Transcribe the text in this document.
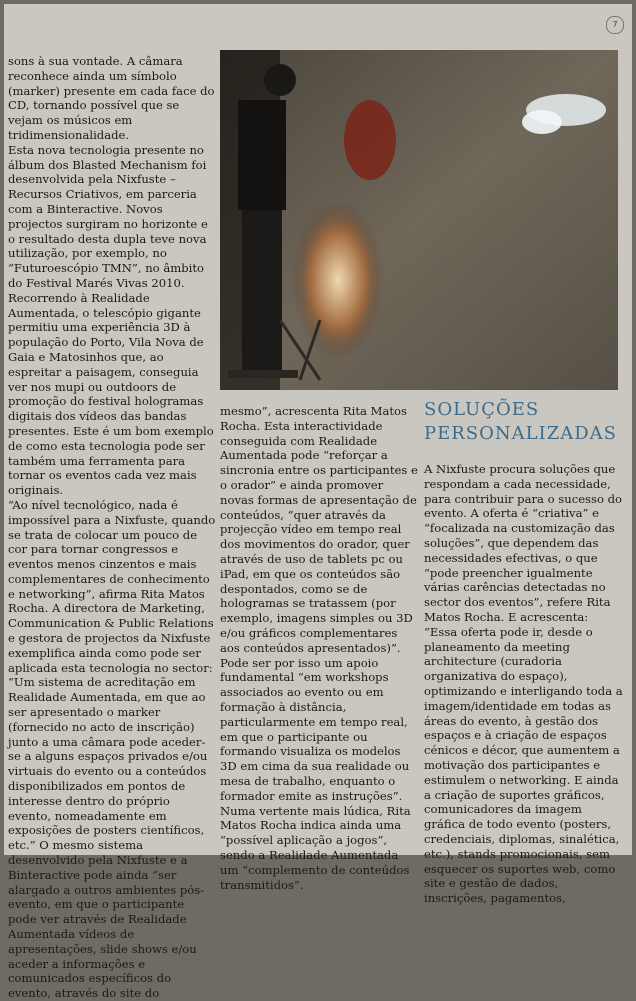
7

sons à sua vontade. A câmara reconhece ainda um símbolo (marker) presente em cada face do CD, tornando possível que se vejam os músicos em tridimensionalidade.

Esta nova tecnologia presente no álbum dos Blasted Mechanism foi desenvolvida pela Nixfuste – Recursos Criativos, em parceria com a Binteractive. Novos projectos surgiram no horizonte e o resultado desta dupla teve nova utilização, por exemplo, no “Futuroescópio TMN”, no âmbito do Festival Marés Vivas 2010. Recorrendo à Realidade Aumentada, o telescópio gigante permitiu uma experiência 3D à população do Porto, Vila Nova de Gaia e Matosinhos que, ao espreitar a paisagem, conseguia ver nos mupi ou outdoors de promoção do festival hologramas digitais dos vídeos das bandas presentes. Este é um bom exemplo de como esta tecnologia pode ser também uma ferramenta para tornar os eventos cada vez mais originais.

“Ao nível tecnológico, nada é impossível para a Nixfuste, quando se trata de colocar um pouco de cor para tornar congressos e eventos menos cinzentos e mais complementares de conhecimento e networking”, afirma Rita Matos Rocha. A directora de Marketing, Communication & Public Relations e gestora de projectos da Nixfuste exemplifica ainda como pode ser aplicada esta tecnologia no sector: “Um sistema de acreditação em Realidade Aumentada, em que ao ser apresentado o marker (fornecido no acto de inscrição) junto a uma câmara pode aceder-se a alguns espaços privados e/ou virtuais do evento ou a conteúdos disponibilizados em pontos de interesse dentro do próprio evento, nomeadamente em exposições de posters científicos, etc.” O mesmo sistema desenvolvido pela Nixfuste e a Binteractive pode ainda “ser alargado a outros ambientes pós-evento, em que o participante pode ver através de Realidade Aumentada vídeos de apresentações, slide shows e/ou aceder a informações e comunicados específicos do evento, através do site do

SOLUÇÕES
PERSONALIZADAS

mesmo”, acrescenta Rita Matos Rocha. Esta interactividade conseguida com Realidade Aumentada pode “reforçar a sincronia entre os participantes e o orador” e ainda promover novas formas de apresentação de conteúdos, “quer através da projecção vídeo em tempo real dos movimentos do orador, quer através de uso de tablets pc ou iPad, em que os conteúdos são despontados, como se de hologramas se tratassem (por exemplo, imagens simples ou 3D e/ou gráficos complementares aos conteúdos apresentados)”. Pode ser por isso um apoio fundamental “em workshops associados ao evento ou em formação à distância, particularmente em tempo real, em que o participante ou formando visualiza os modelos 3D em cima da sua realidade ou mesa de trabalho, enquanto o formador emite as instruções”. Numa vertente mais lúdica, Rita Matos Rocha indica ainda uma “possível aplicação a jogos”, sendo a Realidade Aumentada um “complemento de conteúdos transmitidos”.

A Nixfuste procura soluções que respondam a cada necessidade, para contribuir para o sucesso do evento. A oferta é “criativa” e “focalizada na customização das soluções”, que dependem das necessidades efectivas, o que “pode preencher igualmente várias carências detectadas no sector dos eventos”, refere Rita Matos Rocha. E acrescenta: “Essa oferta pode ir, desde o planeamento da meeting architecture (curadoria organizativa do espaço), optimizando e interligando toda a imagem/identidade em todas as áreas do evento, à gestão dos espaços e à criação de espaços cénicos e décor, que aumentem a motivação dos participantes e estimulem o networking. E ainda a criação de suportes gráficos, comunicadores da imagem gráfica de todo evento (posters, credenciais, diplomas, sinalética, etc.), stands promocionais, sem esquecer os suportes web, como site e gestão de dados, inscrições, pagamentos,
